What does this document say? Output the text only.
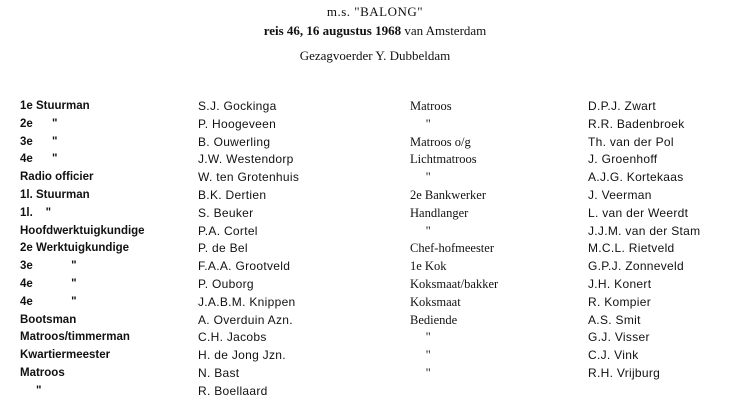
m.s. "BALONG"
reis 46, 16 augustus 1968 van Amsterdam
Gezagvoerder Y. Dubbeldam
1e Stuurman
2e      "
3e      "
4e      "
Radio officier
1l. Stuurman
1l.    "
Hoofdwerktuigkundige
2e Werktuigkundige
3e            "
4e            "
4e            "
Bootsman
Matroos/timmerman
Kwartiermeester
Matroos
"
S.J. Gockinga
P. Hoogeveen
B. Ouwerling
J.W. Westendorp
W. ten Grotenhuis
B.K. Dertien
S. Beuker
P.A. Cortel
P. de Bel
F.A.A. Grootveld
P. Ouborg
J.A.B.M. Knippen
A. Overduin Azn.
C.H. Jacobs
H. de Jong Jzn.
N. Bast
R. Boellaard
Matroos
"
Matroos o/g
Lichtmatroos
"
2e Bankwerker
Handlanger
"
Chef-hofmeester
1e Kok
Koksmaat/bakker
Koksmaat
Bediende
"
"
"
D.P.J. Zwart
R.R. Badenbroek
Th. van der Pol
J. Groenhoff
A.J.G. Kortekaas
J. Veerman
L. van der Weerdt
J.J.M. van der Stam
M.C.L. Rietveld
G.P.J. Zonneveld
J.H. Konert
R. Kompier
A.S. Smit
G.J. Visser
C.J. Vink
R.H. Vrijburg
